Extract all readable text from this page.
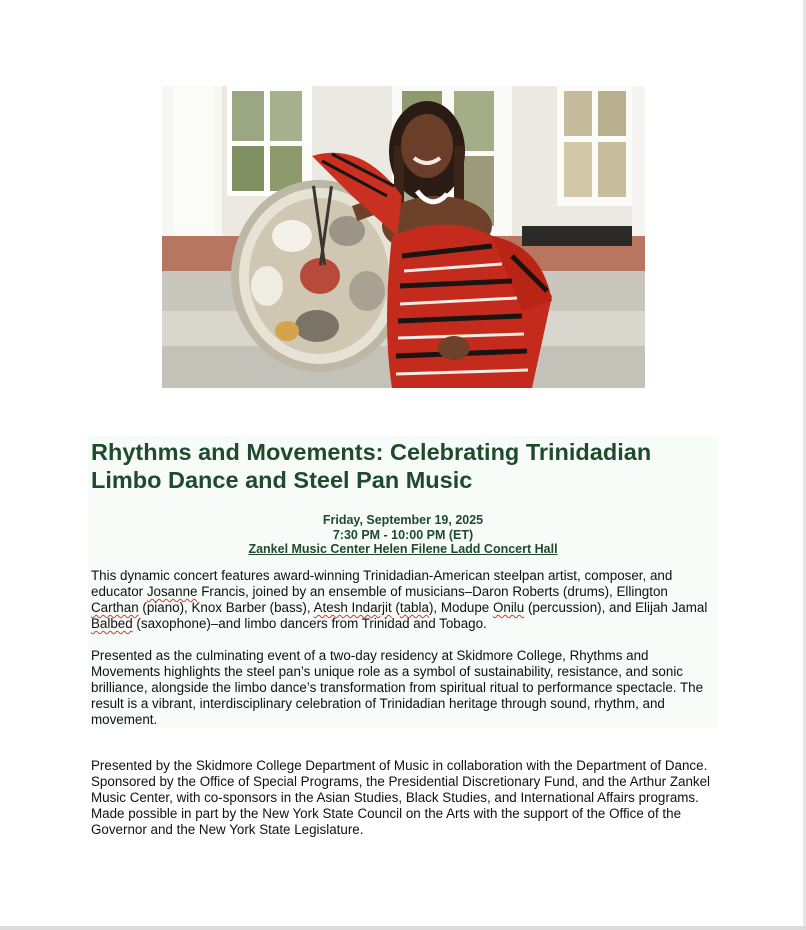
Rhythms and Movements: Celebrating Trinidadian Limbo Dance and Steel Pan Music
Friday, September 19, 2025
7:30 PM - 10:00 PM (ET)
Zankel Music Center Helen Filene Ladd Concert Hall

This dynamic concert features award-winning Trinidadian-American steelpan artist, composer, and educator Josanne Francis, joined by an ensemble of musicians–Daron Roberts (drums), Ellington Carthan (piano), Knox Barber (bass), Atesh Indarjit (tabla), Modupe Onilu (percussion), and Elijah Jamal Balbed (saxophone)–and limbo dancers from Trinidad and Tobago.

Presented as the culminating event of a two-day residency at Skidmore College, Rhythms and Movements highlights the steel pan’s unique role as a symbol of sustainability, resistance, and sonic brilliance, alongside the limbo dance’s transformation from spiritual ritual to performance spectacle. The result is a vibrant, interdisciplinary celebration of Trinidadian heritage through sound, rhythm, and movement.

Presented by the Skidmore College Department of Music in collaboration with the Department of Dance. Sponsored by the Office of Special Programs, the Presidential Discretionary Fund, and the Arthur Zankel Music Center, with co-sponsors in the Asian Studies, Black Studies, and International Affairs programs. Made possible in part by the New York State Council on the Arts with the support of the Office of the Governor and the New York State Legislature.
